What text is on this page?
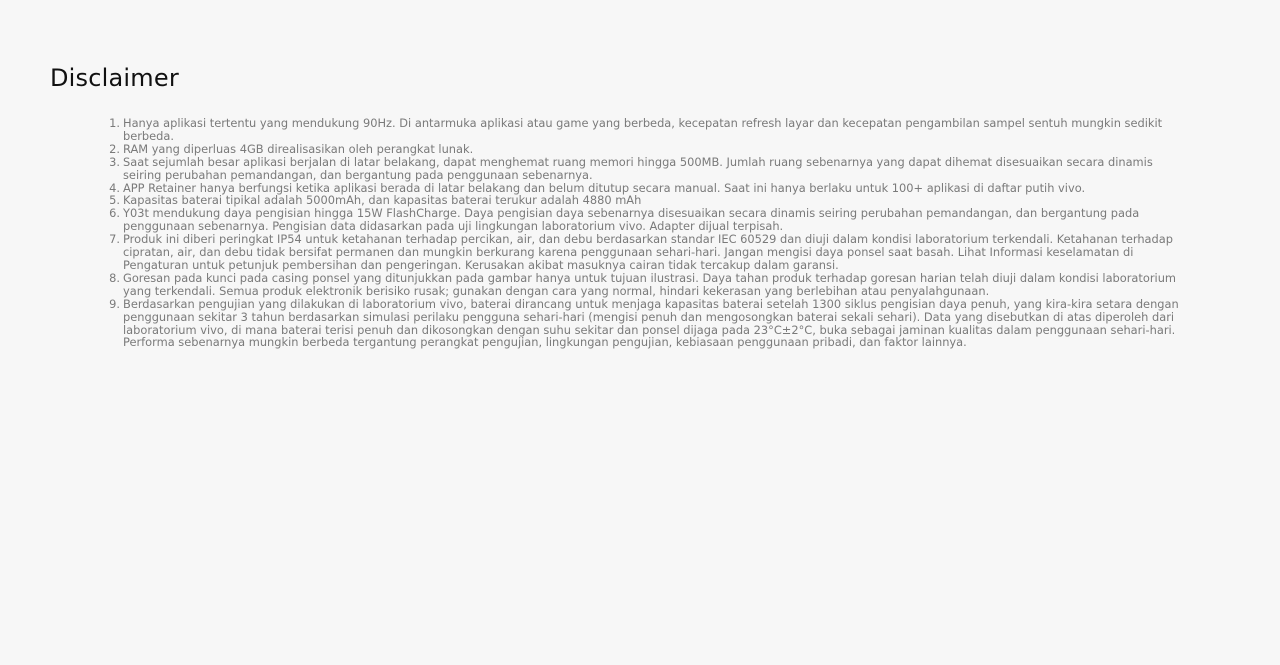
Disclaimer
1. Hanya aplikasi tertentu yang mendukung 90Hz. Di antarmuka aplikasi atau game yang berbeda, kecepatan refresh layar dan kecepatan pengambilan sampel sentuh mungkin sedikit berbeda.
2. RAM yang diperluas 4GB direalisasikan oleh perangkat lunak.
3. Saat sejumlah besar aplikasi berjalan di latar belakang, dapat menghemat ruang memori hingga 500MB. Jumlah ruang sebenarnya yang dapat dihemat disesuaikan secara dinamis seiring perubahan pemandangan, dan bergantung pada penggunaan sebenarnya.
4. APP Retainer hanya berfungsi ketika aplikasi berada di latar belakang dan belum ditutup secara manual. Saat ini hanya berlaku untuk 100+ aplikasi di daftar putih vivo.
5. Kapasitas baterai tipikal adalah 5000mAh, dan kapasitas baterai terukur adalah 4880 mAh
6. Y03t mendukung daya pengisian hingga 15W FlashCharge. Daya pengisian daya sebenarnya disesuaikan secara dinamis seiring perubahan pemandangan, dan bergantung pada penggunaan sebenarnya. Pengisian data didasarkan pada uji lingkungan laboratorium vivo. Adapter dijual terpisah.
7. Produk ini diberi peringkat IP54 untuk ketahanan terhadap percikan, air, dan debu berdasarkan standar IEC 60529 dan diuji dalam kondisi laboratorium terkendali. Ketahanan terhadap cipratan, air, dan debu tidak bersifat permanen dan mungkin berkurang karena penggunaan sehari-hari. Jangan mengisi daya ponsel saat basah. Lihat Informasi keselamatan di Pengaturan untuk petunjuk pembersihan dan pengeringan. Kerusakan akibat masuknya cairan tidak tercakup dalam garansi.
8. Goresan pada kunci pada casing ponsel yang ditunjukkan pada gambar hanya untuk tujuan ilustrasi. Daya tahan produk terhadap goresan harian telah diuji dalam kondisi laboratorium yang terkendali. Semua produk elektronik berisiko rusak; gunakan dengan cara yang normal, hindari kekerasan yang berlebihan atau penyalahgunaan.
9. Berdasarkan pengujian yang dilakukan di laboratorium vivo, baterai dirancang untuk menjaga kapasitas baterai setelah 1300 siklus pengisian daya penuh, yang kira-kira setara dengan penggunaan sekitar 3 tahun berdasarkan simulasi perilaku pengguna sehari-hari (mengisi penuh dan mengosongkan baterai sekali sehari). Data yang disebutkan di atas diperoleh dari laboratorium vivo, di mana baterai terisi penuh dan dikosongkan dengan suhu sekitar dan ponsel dijaga pada 23°C±2°C, buka sebagai jaminan kualitas dalam penggunaan sehari-hari. Performa sebenarnya mungkin berbeda tergantung perangkat pengujian, lingkungan pengujian, kebiasaan penggunaan pribadi, dan faktor lainnya.
